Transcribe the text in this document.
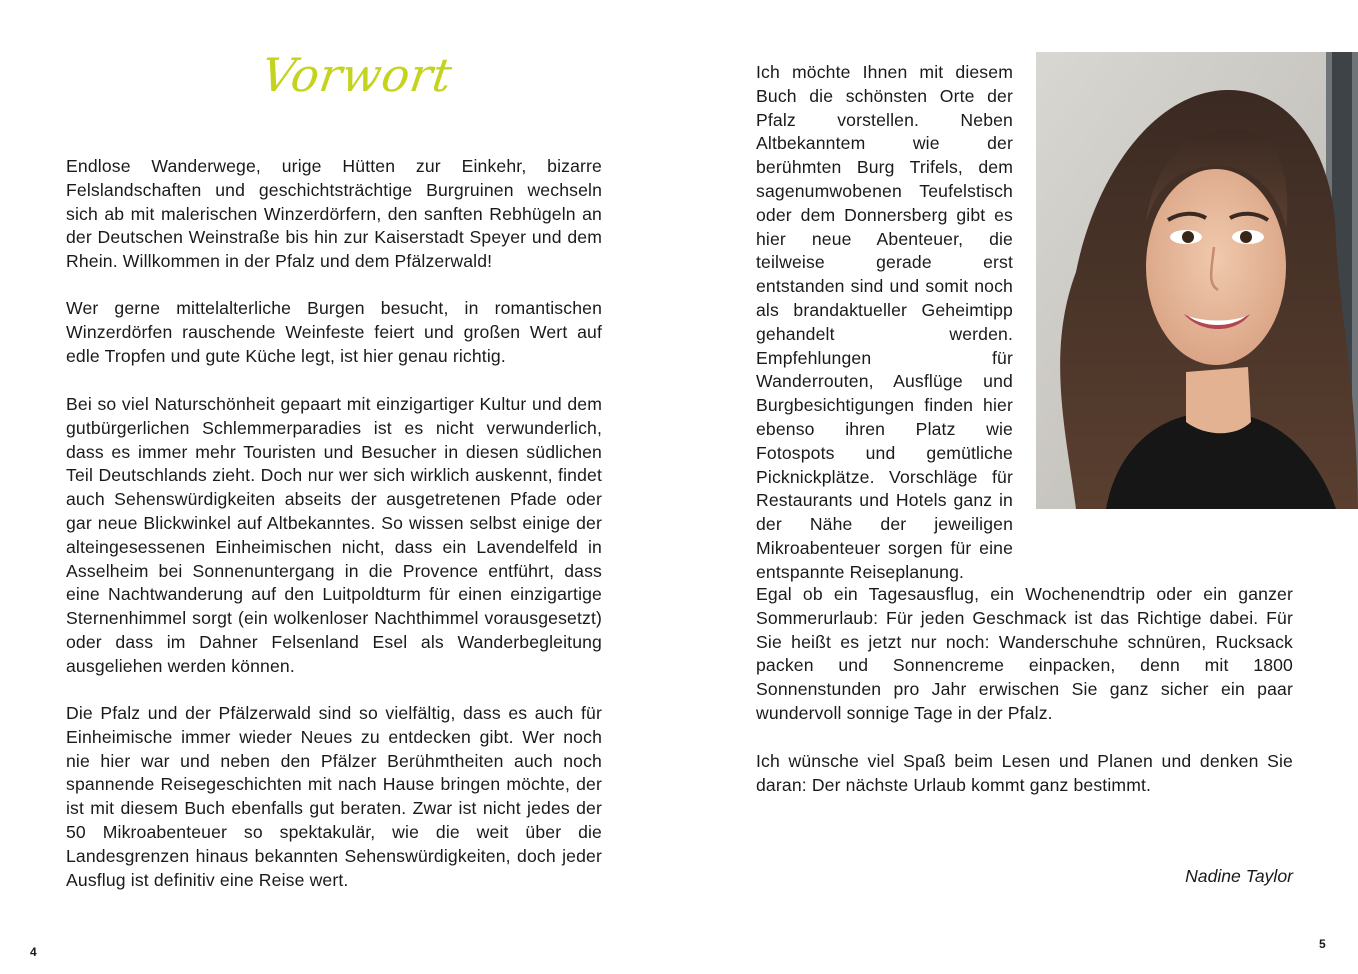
Vorwort

Endlose Wanderwege, urige Hütten zur Einkehr, bizarre Felslandschaften und geschichtsträchtige Burgruinen wechseln sich ab mit malerischen Winzerdörfern, den sanften Rebhügeln an der Deutschen Weinstraße bis hin zur Kaiserstadt Speyer und dem Rhein. Willkommen in der Pfalz und dem Pfälzerwald!

Wer gerne mittelalterliche Burgen besucht, in romantischen Winzerdörfen rauschende Weinfeste feiert und großen Wert auf edle Tropfen und gute Küche legt, ist hier genau richtig.

Bei so viel Naturschönheit gepaart mit einzigartiger Kultur und dem gutbürgerlichen Schlemmerparadies ist es nicht verwunderlich, dass es immer mehr Touristen und Besucher in diesen südlichen Teil Deutschlands zieht. Doch nur wer sich wirklich auskennt, findet auch Sehenswürdigkeiten abseits der ausgetretenen Pfade oder gar neue Blickwinkel auf Altbekanntes. So wissen selbst einige der alteingesessenen Einheimischen nicht, dass ein Lavendelfeld in Asselheim bei Sonnenuntergang in die Provence entführt, dass eine Nachtwanderung auf den Luitpoldturm für einen einzigartige Sternenhimmel sorgt (ein wolkenloser Nachthimmel vorausgesetzt) oder dass im Dahner Felsenland Esel als Wanderbegleitung ausgeliehen werden können.

Die Pfalz und der Pfälzerwald sind so vielfältig, dass es auch für Einheimische immer wieder Neues zu entdecken gibt. Wer noch nie hier war und neben den Pfälzer Berühmtheiten auch noch spannende Reisegeschichten mit nach Hause bringen möchte, der ist mit diesem Buch ebenfalls gut beraten. Zwar ist nicht jedes der 50 Mikroabenteuer so spektakulär, wie die weit über die Landesgrenzen hinaus bekannten Sehenswürdigkeiten, doch jeder Ausflug ist definitiv eine Reise wert.

4

Ich möchte Ihnen mit diesem Buch die schönsten Orte der Pfalz vorstellen. Neben Altbekanntem wie der berühmten Burg Trifels, dem sagenumwobenen Teufelstisch oder dem Donnersberg gibt es hier neue Abenteuer, die teilweise gerade erst entstanden sind und somit noch als brandaktueller Geheimtipp gehandelt werden. Empfehlungen für Wanderrouten, Ausflüge und Burgbesichtigungen finden hier ebenso ihren Platz wie Fotospots und gemütliche Picknickplätze. Vorschläge für Restaurants und Hotels ganz in der Nähe der jeweiligen Mikroabenteuer sorgen für eine entspannte Reiseplanung.

Egal ob ein Tagesausflug, ein Wochenendtrip oder ein ganzer Sommerurlaub: Für jeden Geschmack ist das Richtige dabei. Für Sie heißt es jetzt nur noch: Wanderschuhe schnüren, Rucksack packen und Sonnencreme einpacken, denn mit 1800 Sonnenstunden pro Jahr erwischen Sie ganz sicher ein paar wundervoll sonnige Tage in der Pfalz.

Ich wünsche viel Spaß beim Lesen und Planen und denken Sie daran: Der nächste Urlaub kommt ganz bestimmt.

Nadine Taylor
5
